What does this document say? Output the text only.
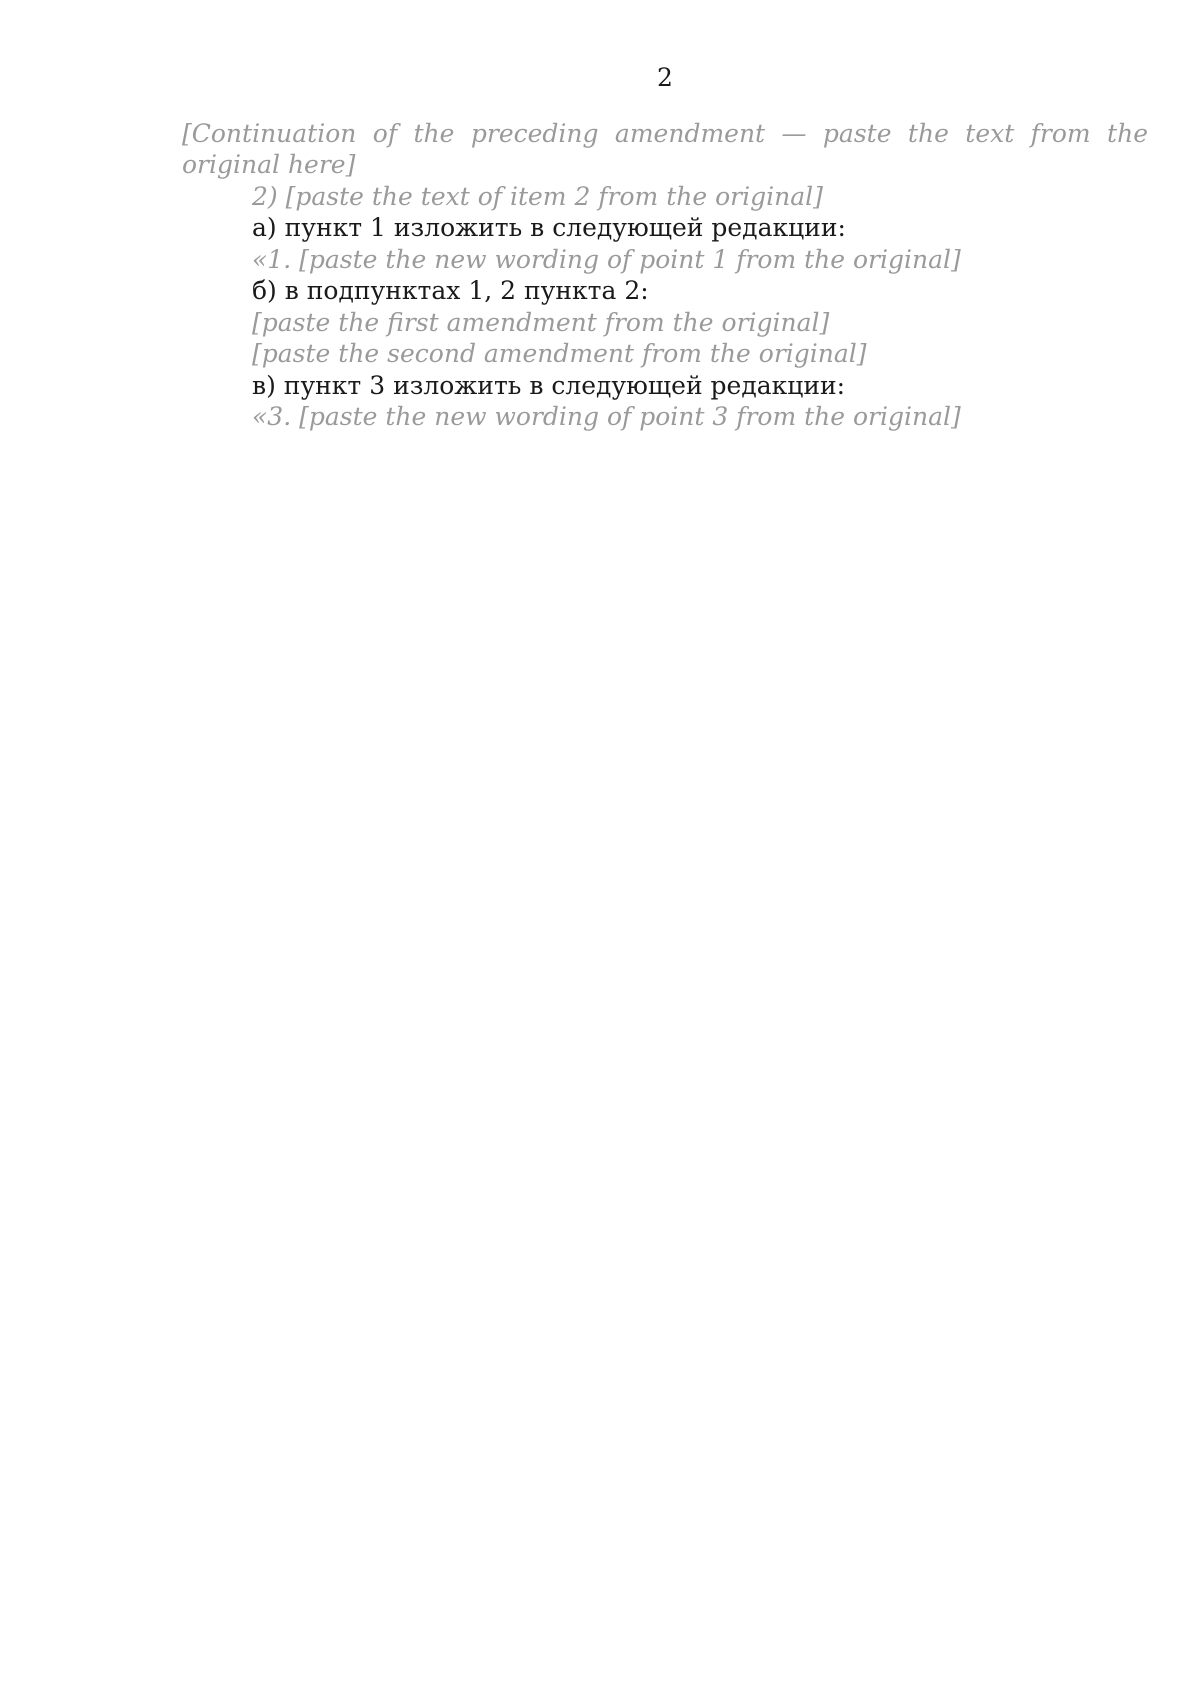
2

[Continuation of the preceding amendment — paste the text from the original here]

2) [paste the text of item 2 from the original]

а) пункт 1 изложить в следующей редакции:

«1. [paste the new wording of point 1 from the original]

б) в подпунктах 1, 2 пункта 2:

[paste the first amendment from the original]

[paste the second amendment from the original]

в) пункт 3 изложить в следующей редакции:

«3. [paste the new wording of point 3 from the original]
